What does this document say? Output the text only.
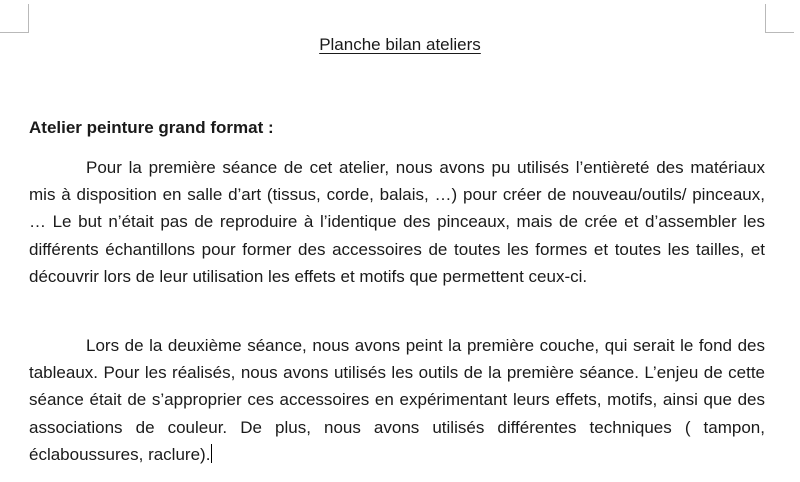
Planche bilan ateliers
Atelier peinture grand format :

Pour la première séance de cet atelier, nous avons pu utilisés l’entièreté des matériaux mis à disposition en salle d’art (tissus, corde, balais, …) pour créer de nouveau/outils/ pinceaux, … Le but n’était pas de reproduire à l’identique des pinceaux, mais de crée et d’assembler les différents échantillons pour former des accessoires de toutes les formes et toutes les tailles, et découvrir lors de leur utilisation les effets et motifs que permettent ceux-ci.

Lors de la deuxième séance, nous avons peint la première couche, qui serait le fond des tableaux. Pour les réalisés, nous avons utilisés les outils de la première séance. L’enjeu de cette séance était de s’approprier ces accessoires en expérimentant leurs effets, motifs, ainsi que des associations de couleur. De plus, nous avons utilisés différentes techniques ( tampon, éclaboussures, raclure).
